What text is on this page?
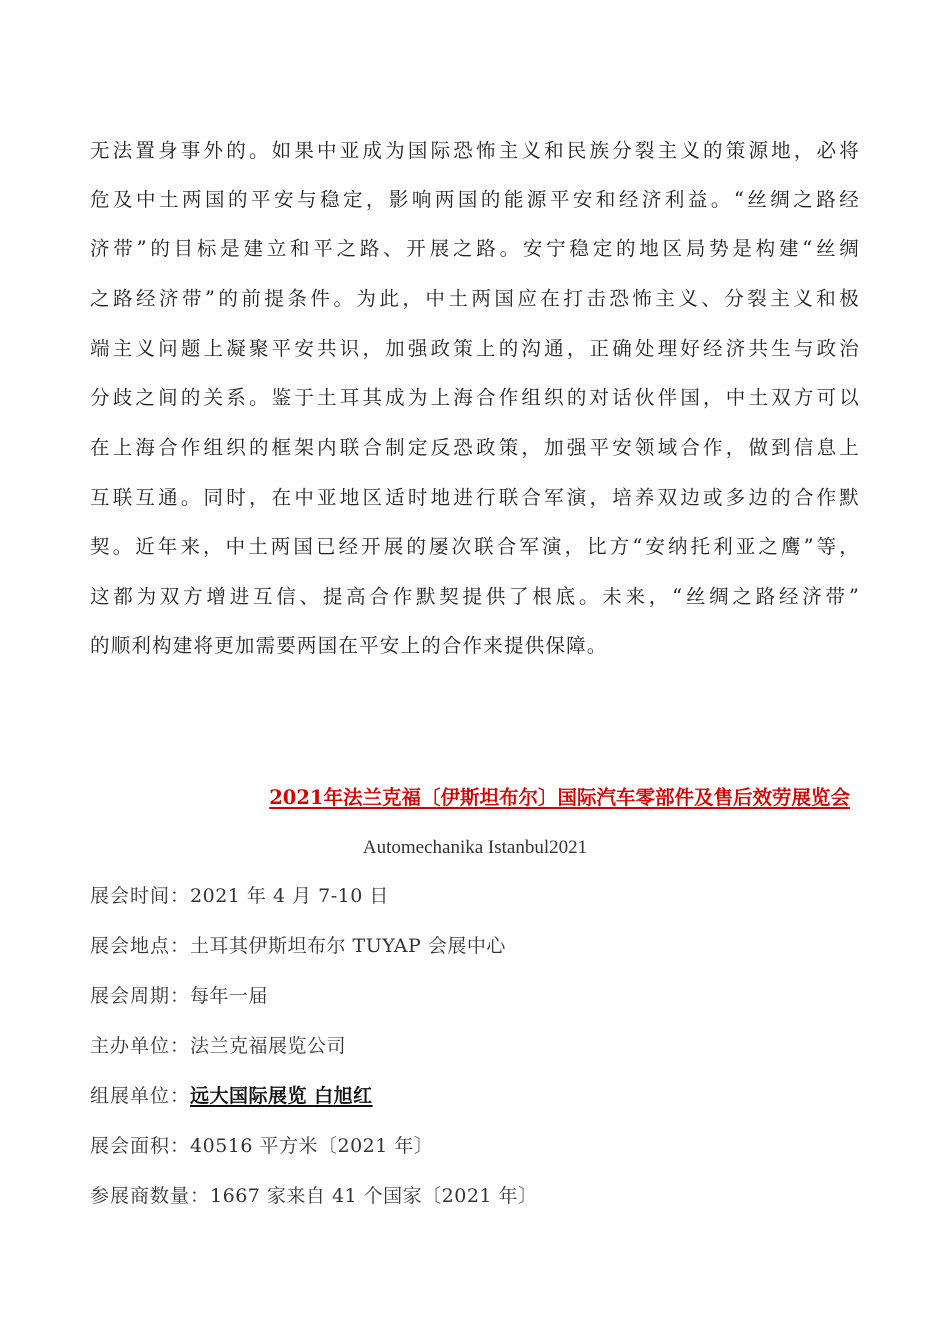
无法置身事外的。如果中亚成为国际恐怖主义和民族分裂主义的策源地，必将
危及中土两国的平安与稳定，影响两国的能源平安和经济利益。“丝绸之路经
济带”的目标是建立和平之路、开展之路。安宁稳定的地区局势是构建“丝绸
之路经济带”的前提条件。为此，中土两国应在打击恐怖主义、分裂主义和极
端主义问题上凝聚平安共识，加强政策上的沟通，正确处理好经济共生与政治
分歧之间的关系。鉴于土耳其成为上海合作组织的对话伙伴国，中土双方可以
在上海合作组织的框架内联合制定反恐政策，加强平安领域合作，做到信息上
互联互通。同时，在中亚地区适时地进行联合军演，培养双边或多边的合作默
契。近年来，中土两国已经开展的屡次联合军演，比方“安纳托利亚之鹰”等，
这都为双方增进互信、提高合作默契提供了根底。未来，“丝绸之路经济带”
的顺利构建将更加需要两国在平安上的合作来提供保障。
2021年法兰克福〔伊斯坦布尔〕国际汽车零部件及售后效劳展览会
Automechanika Istanbul2021
展会时间：2021 年 4 月 7-10 日
展会地点：土耳其伊斯坦布尔 TUYAP 会展中心
展会周期：每年一届
主办单位：法兰克福展览公司
组展单位：远大国际展览 白旭红
展会面积：40516 平方米〔2021 年〕
参展商数量：1667 家来自 41 个国家〔2021 年〕
